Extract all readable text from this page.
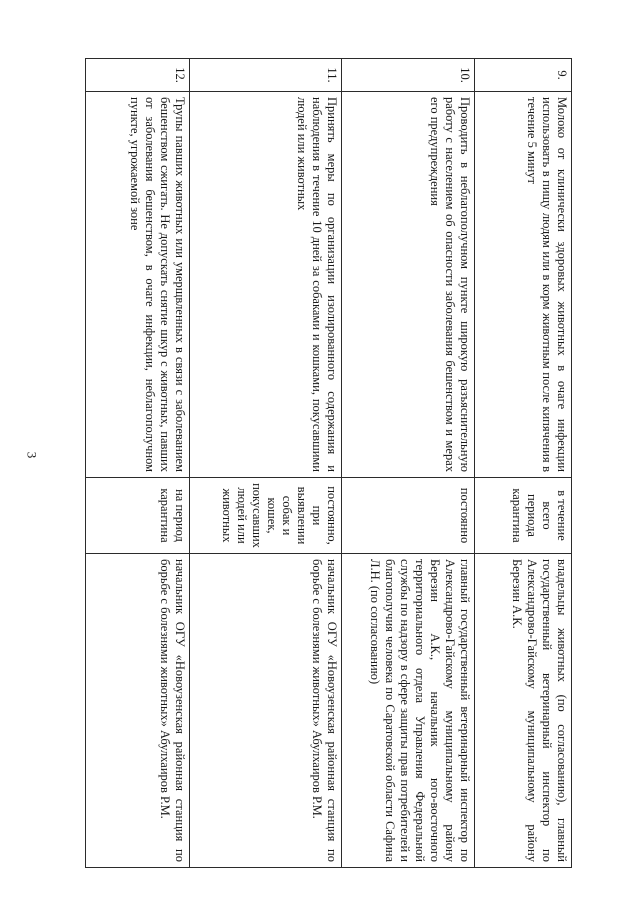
3
9.	Молоко от клинически здоровых животных в очаге инфекции использовать в пищу людям или в корм животным после кипячения в течение 5 минут	в течение всего периода карантина	владельцы животных (по согласованию), главный государственный ветеринарный инспектор по Александрово-Гайскому муниципальному району Березин А.К.
10.	Проводить в неблагополучном пункте широкую разъяснительную работу с населением об опасности заболевания бешенством и мерах его предупреждения	постоянно	главный государственный ветеринарный инспектор по Александрово-Гайскому муниципальному району Березин А.К., начальник юго-восточного территориального отдела Управления Федеральной службы по надзору в сфере защиты прав потребителей и благополучия человека по Саратовской области Сафина Л.Н. (по согласованию)
11.	Принять меры по организации изолированного содержания и наблюдения в течение 10 дней за собаками и кошками, покусавшими людей или животных	постоянно, при выявлении собак и кошек, покусавших людей или животных	начальник ОГУ «Новоузенская районная станция по борьбе с болезнями животных» Абулхаиров Р.М.
12.	Трупы павших животных или умерщвленных в связи с заболеванием бешенством сжигать. Не допускать снятие шкур с животных, павших от заболевания бешенством, в очаге инфекции, неблагополучном пункте, угрожаемой зоне	на период карантина	начальник ОГУ «Новоузенская районная станция по борьбе с болезнями животных» Абулхаиров Р.М.
